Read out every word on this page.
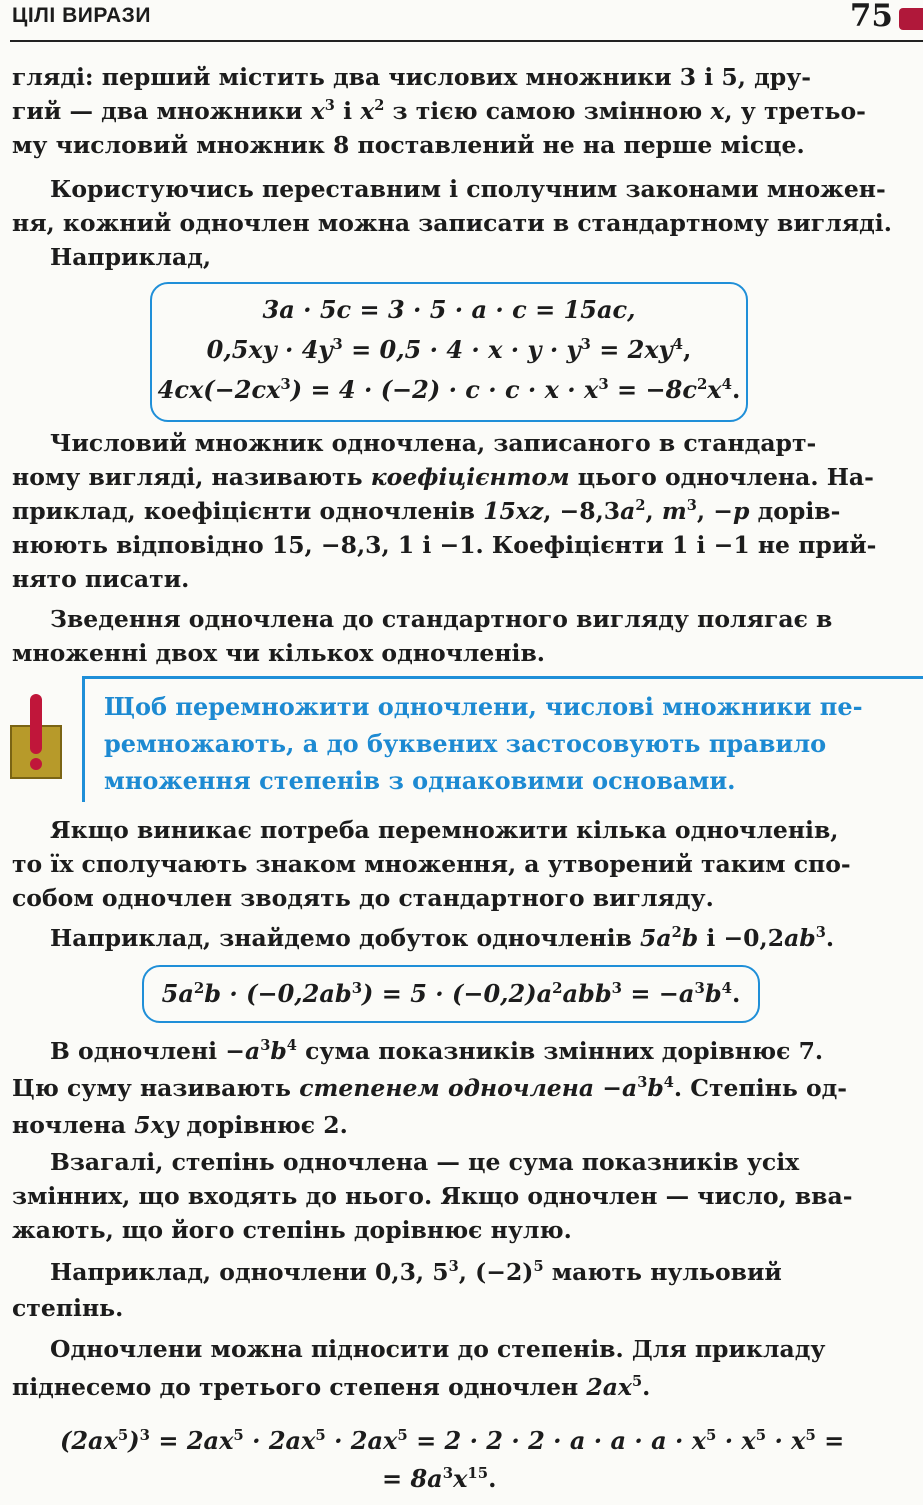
ЦІЛІ ВИРАЗИ	75
гляді: перший містить два числових множники 3 і 5, дру-
гий — два множники $x^3$ і $x^2$ з тією самою змінною x, у третьо-
му числовий множник 8 поставлений не на перше місце.
Користуючись переставним і сполучним законами множен-
ня, кожний одночлен можна записати в стандартному вигляді.
Наприклад,
3a · 5c = 3 · 5 · a · c = 15ac,
$0,5xy \cdot 4y^3 = 0,5 \cdot 4 \cdot x \cdot y \cdot y^3 = 2xy^4$,
$4cx(-2cx^3) = 4 \cdot (-2) \cdot c \cdot c \cdot x \cdot x^3 = -8c^2x^4$.
Числовий множник одночлена, записаного в стандарт-
ному вигляді, називають коефіцієнтом цього одночлена. На-
приклад, коефіцієнти одночленів 15xz, $-8,3a^2$, $m^3$, −p дорів-
нюють відповідно 15, −8,3, 1 і −1. Коефіцієнти 1 і −1 не прий-
нято писати.
Зведення одночлена до стандартного вигляду полягає в
множенні двох чи кількох одночленів.
Щоб перемножити одночлени, числові множники пе-
ремножають, а до буквених застосовують правило
множення степенів з однаковими основами.
Якщо виникає потреба перемножити кілька одночленів,
то їх сполучають знаком множення, а утворений таким спо-
собом одночлен зводять до стандартного вигляду.
Наприклад, знайдемо добуток одночленів $5a^2b$ $і -0,2ab^3$.
$5a^2b \cdot (-0,2ab^3) = 5 \cdot (-0,2)a^2abb^3 = -a^3b^4$.
В одночлені $-a^3b^4$ сума показників змінних дорівнює 7.
Цю суму називають степенем одночлена $-a^3b^4$. Степінь од-
ночлена 5xy дорівнює 2.
Взагалі, степінь одночлена — це сума показників усіх
змінних, що входять до нього. Якщо одночлен — число, вва-
жають, що його степінь дорівнює нулю.
Наприклад, одночлени 0,3, $5^3$, $(-2)^5$ мають нульовий
степінь.
Одночлени можна підносити до степенів. Для прикладу
піднесемо до третього степеня одночлен $2ax^5$.
$(2ax^5)^3 = 2ax^5 \cdot 2ax^5 \cdot 2ax^5 = 2 \cdot 2 \cdot 2 \cdot a \cdot a \cdot a \cdot x^5 \cdot x^5 \cdot x^5$ =
= $8a^3x^{15}$.
